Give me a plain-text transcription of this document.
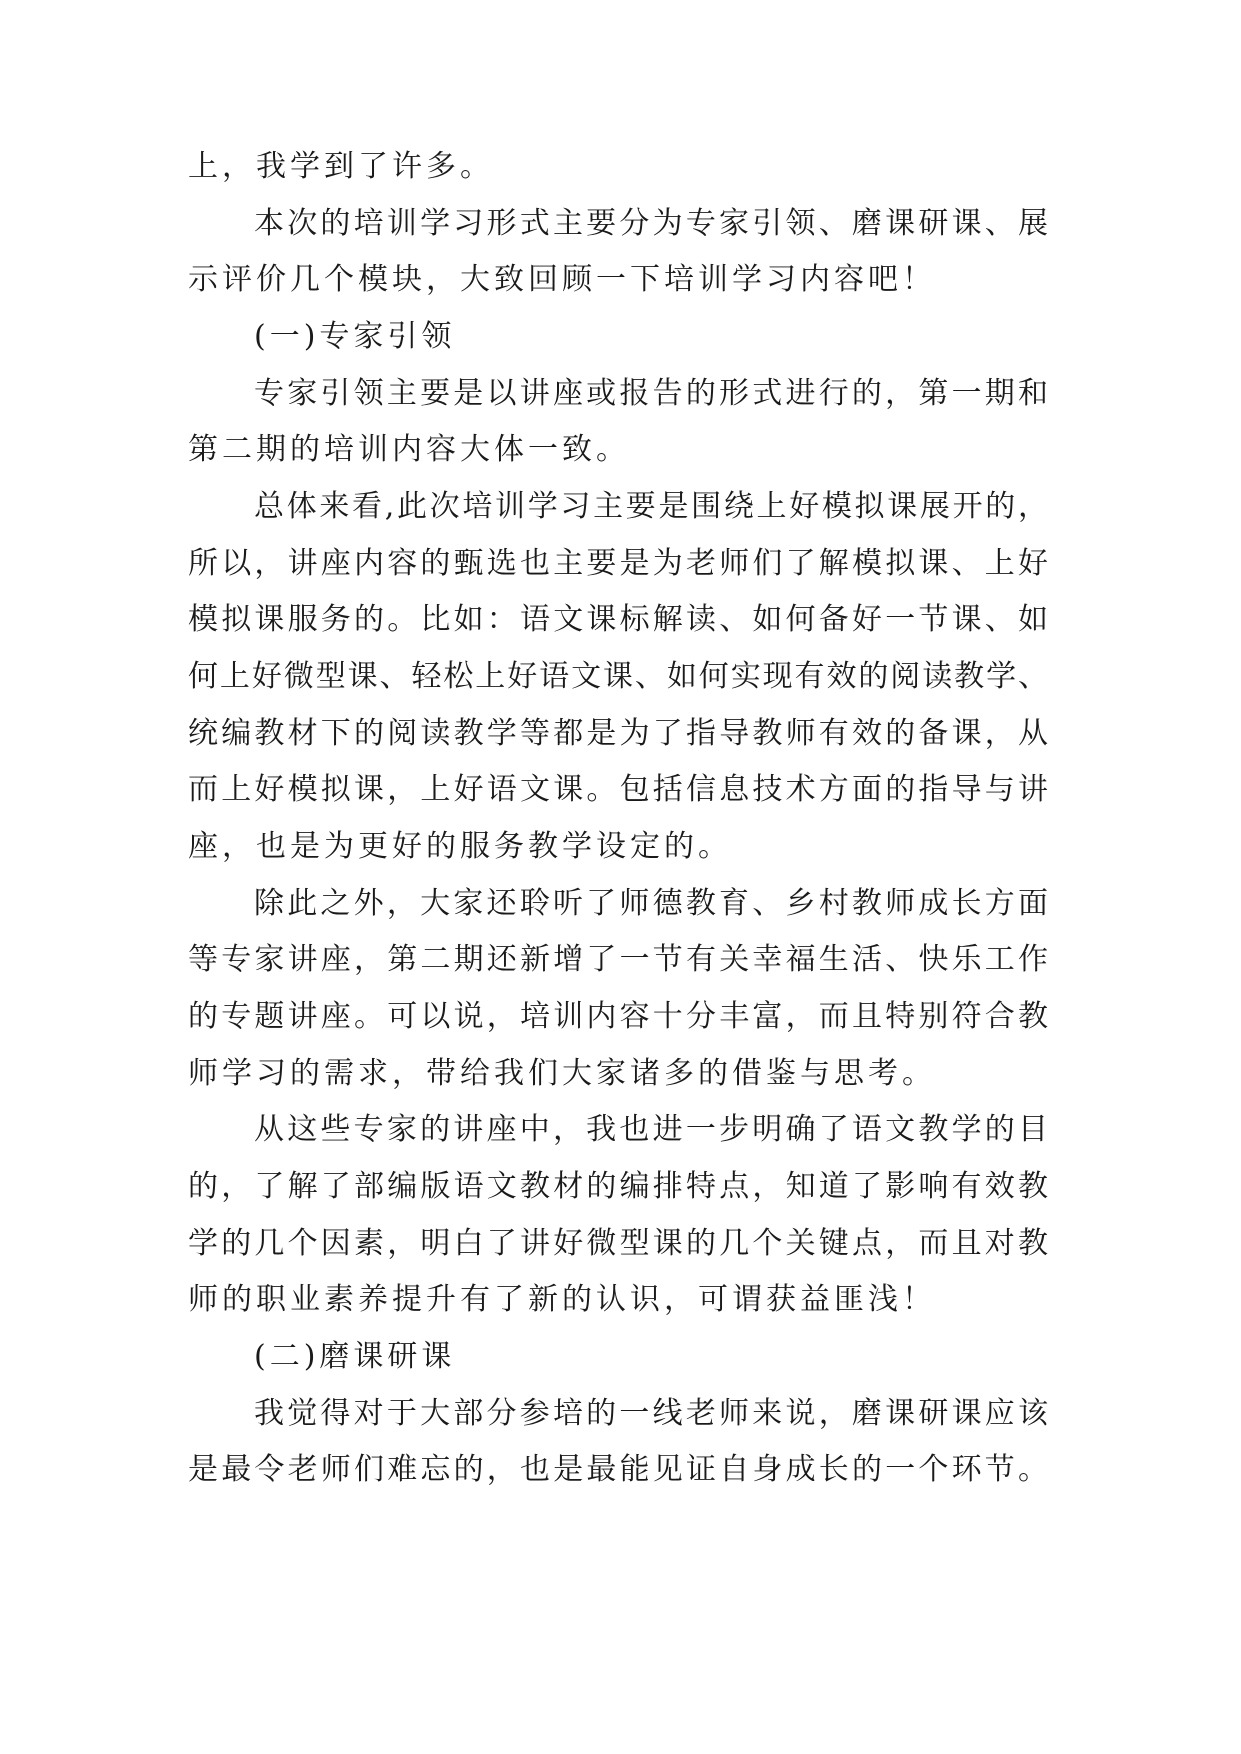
上，我学到了许多。
本次的培训学习形式主要分为专家引领、磨课研课、展
示评价几个模块，大致回顾一下培训学习内容吧！
(一)专家引领
专家引领主要是以讲座或报告的形式进行的，第一期和
第二期的培训内容大体一致。
总体来看,此次培训学习主要是围绕上好模拟课展开的，
所以，讲座内容的甄选也主要是为老师们了解模拟课、上好
模拟课服务的。比如：语文课标解读、如何备好一节课、如
何上好微型课、轻松上好语文课、如何实现有效的阅读教学、
统编教材下的阅读教学等都是为了指导教师有效的备课，从
而上好模拟课，上好语文课。包括信息技术方面的指导与讲
座，也是为更好的服务教学设定的。
除此之外，大家还聆听了师德教育、乡村教师成长方面
等专家讲座，第二期还新增了一节有关幸福生活、快乐工作
的专题讲座。可以说，培训内容十分丰富，而且特别符合教
师学习的需求，带给我们大家诸多的借鉴与思考。
从这些专家的讲座中，我也进一步明确了语文教学的目
的，了解了部编版语文教材的编排特点，知道了影响有效教
学的几个因素，明白了讲好微型课的几个关键点，而且对教
师的职业素养提升有了新的认识，可谓获益匪浅！
(二)磨课研课
我觉得对于大部分参培的一线老师来说，磨课研课应该
是最令老师们难忘的，也是最能见证自身成长的一个环节。
